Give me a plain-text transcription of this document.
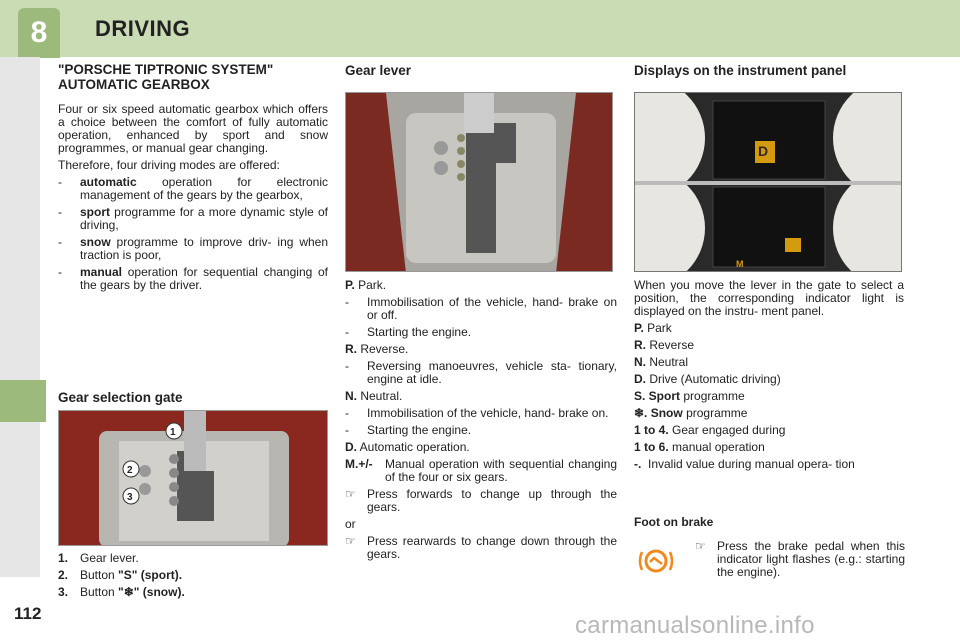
8	DRIVING
112
"PORSCHE TIPTRONIC SYSTEM" AUTOMATIC GEARBOX

Four or six speed automatic gearbox which offers a choice between the comfort of fully automatic operation, enhanced by sport and snow programmes, or manual gear changing.

Therefore, four driving modes are offered:

-	automatic operation for electronic management of the gears by the gearbox,
-	sport programme for a more dynamic style of driving,
-	snow programme to improve driv- ing when traction is poor,
-	manual operation for sequential changing of the gears by the driver.
Gear selection gate
1
2
3
1. Gear lever.
2. Button "S" (sport).
3. Button "❄" (snow).
Gear lever

P. Park.

-	Immobilisation of the vehicle, hand- brake on or off.
-	Starting the engine.

R. Reverse.

-	Reversing manoeuvres, vehicle sta- tionary, engine at idle.

N. Neutral.

-	Immobilisation of the vehicle, hand- brake on.
-	Starting the engine.

D. Automatic operation.

M.+/-	Manual operation with sequential changing of the four or six gears.
☞ Press forwards to change up through the gears.

or

☞ Press rearwards to change down through the gears.
Displays on the instrument panel
D
D
M

When you move the lever in the gate to select a position, the corresponding indicator light is displayed on the instru- ment panel.

P. Park

R. Reverse

N. Neutral

D. Drive (Automatic driving)

S. Sport programme

❄. Snow programme

1 to 4. Gear engaged during

1 to 6. manual operation

-. Invalid value during manual opera- tion
Foot on brake
☞ Press the brake pedal when this indicator light flashes (e.g.: starting the engine).
carmanualsonline.info
